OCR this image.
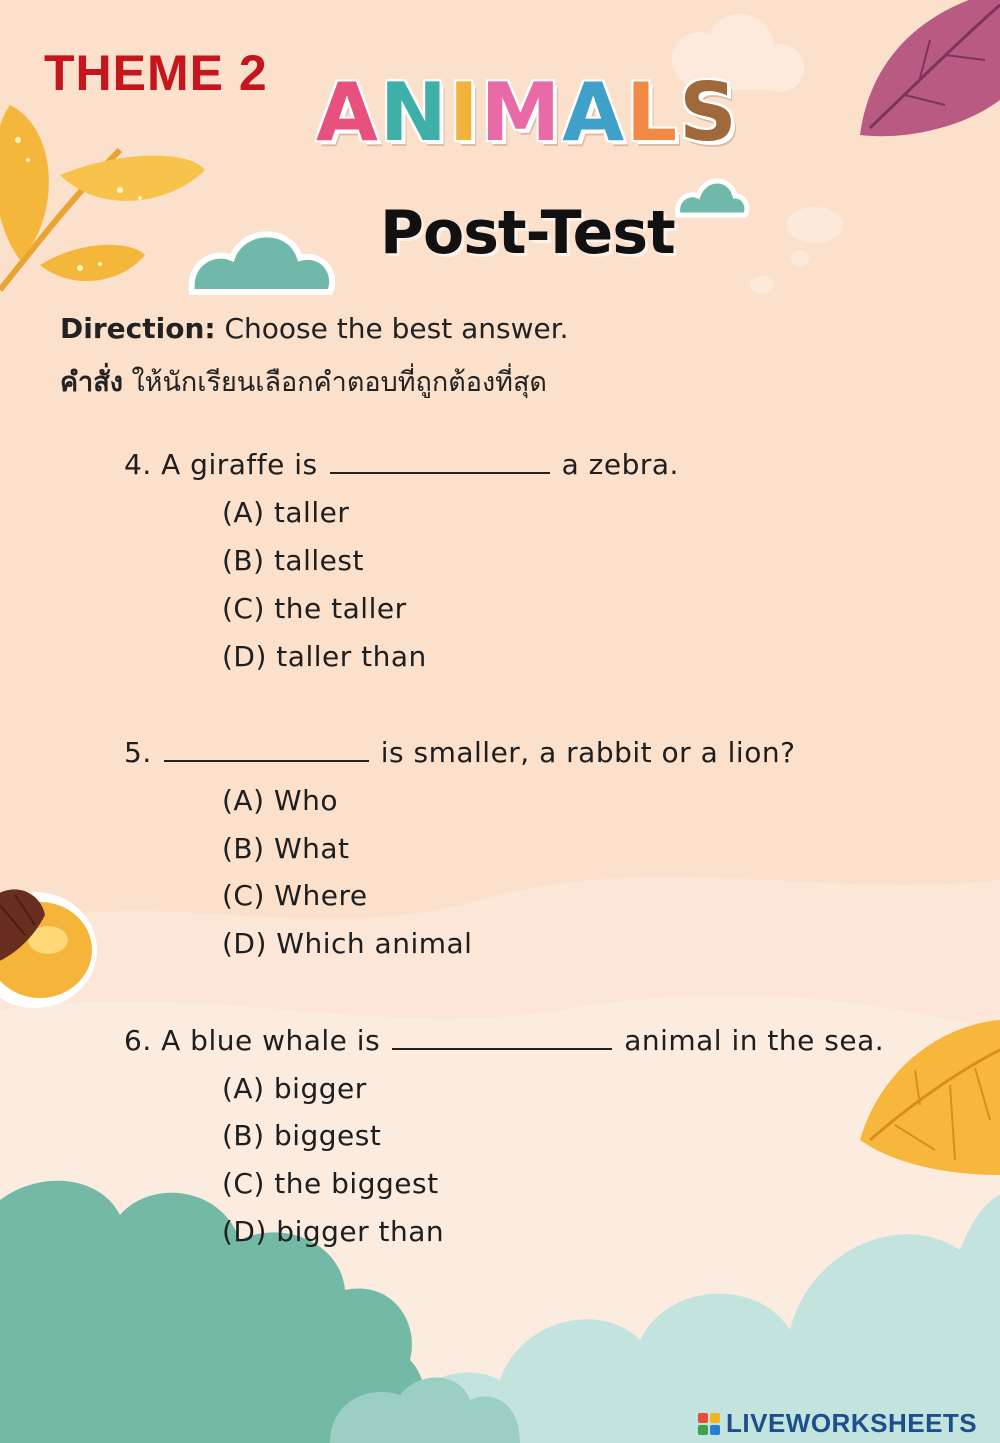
THEME 2 A N I M A L S
Post-Test
Direction: Choose the best answer.
คำสั่ง ให้นักเรียนเลือกคำตอบที่ถูกต้องที่สุด
4. A giraffe is	a zebra.
(A) taller
(B) tallest
(C) the taller
(D) taller than
5.	is smaller, a rabbit or a lion?
(A) Who
(B) What
(C) Where
(D) Which animal
6. A blue whale is	animal in the sea.
(A) bigger
(B) biggest
(C) the biggest
(D) bigger than
LIVEWORKSHEETS
